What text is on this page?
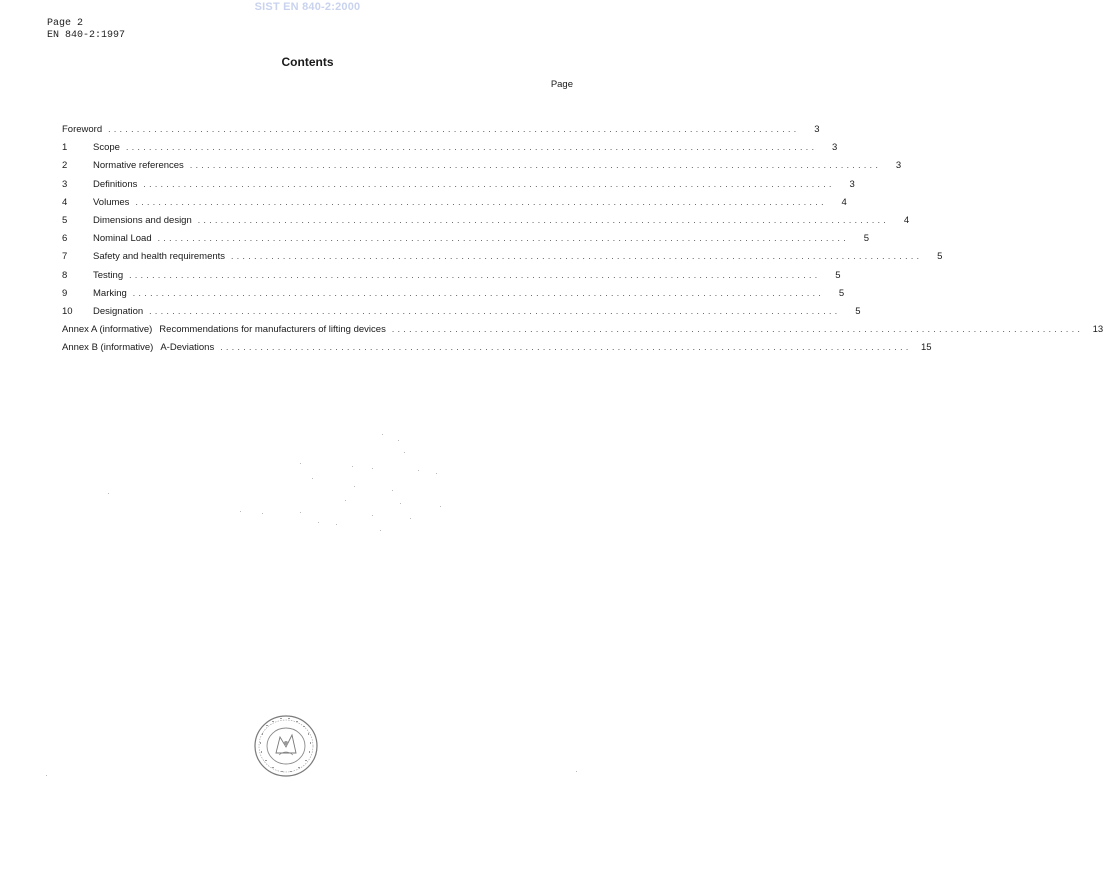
SIST EN 840-2:2000
Page 2
EN 840-2:1997
Contents
Page
Foreword ........................................................................................................................	3
1	Scope ........................................................................................................................	3
2	Normative references ........................................................................................................................	3
3	Definitions ........................................................................................................................	3
4	Volumes ........................................................................................................................	4
5	Dimensions and design ........................................................................................................................	4
6	Nominal Load ........................................................................................................................	5
7	Safety and health requirements ........................................................................................................................	5
8	Testing ........................................................................................................................	5
9	Marking ........................................................................................................................	5
10	Designation ........................................................................................................................	5
Annex A (informative) Recommendations for manufacturers of lifting devices ........................................................................................................................ 13
Annex B (informative) A-Deviations ........................................................................................................................ 15
